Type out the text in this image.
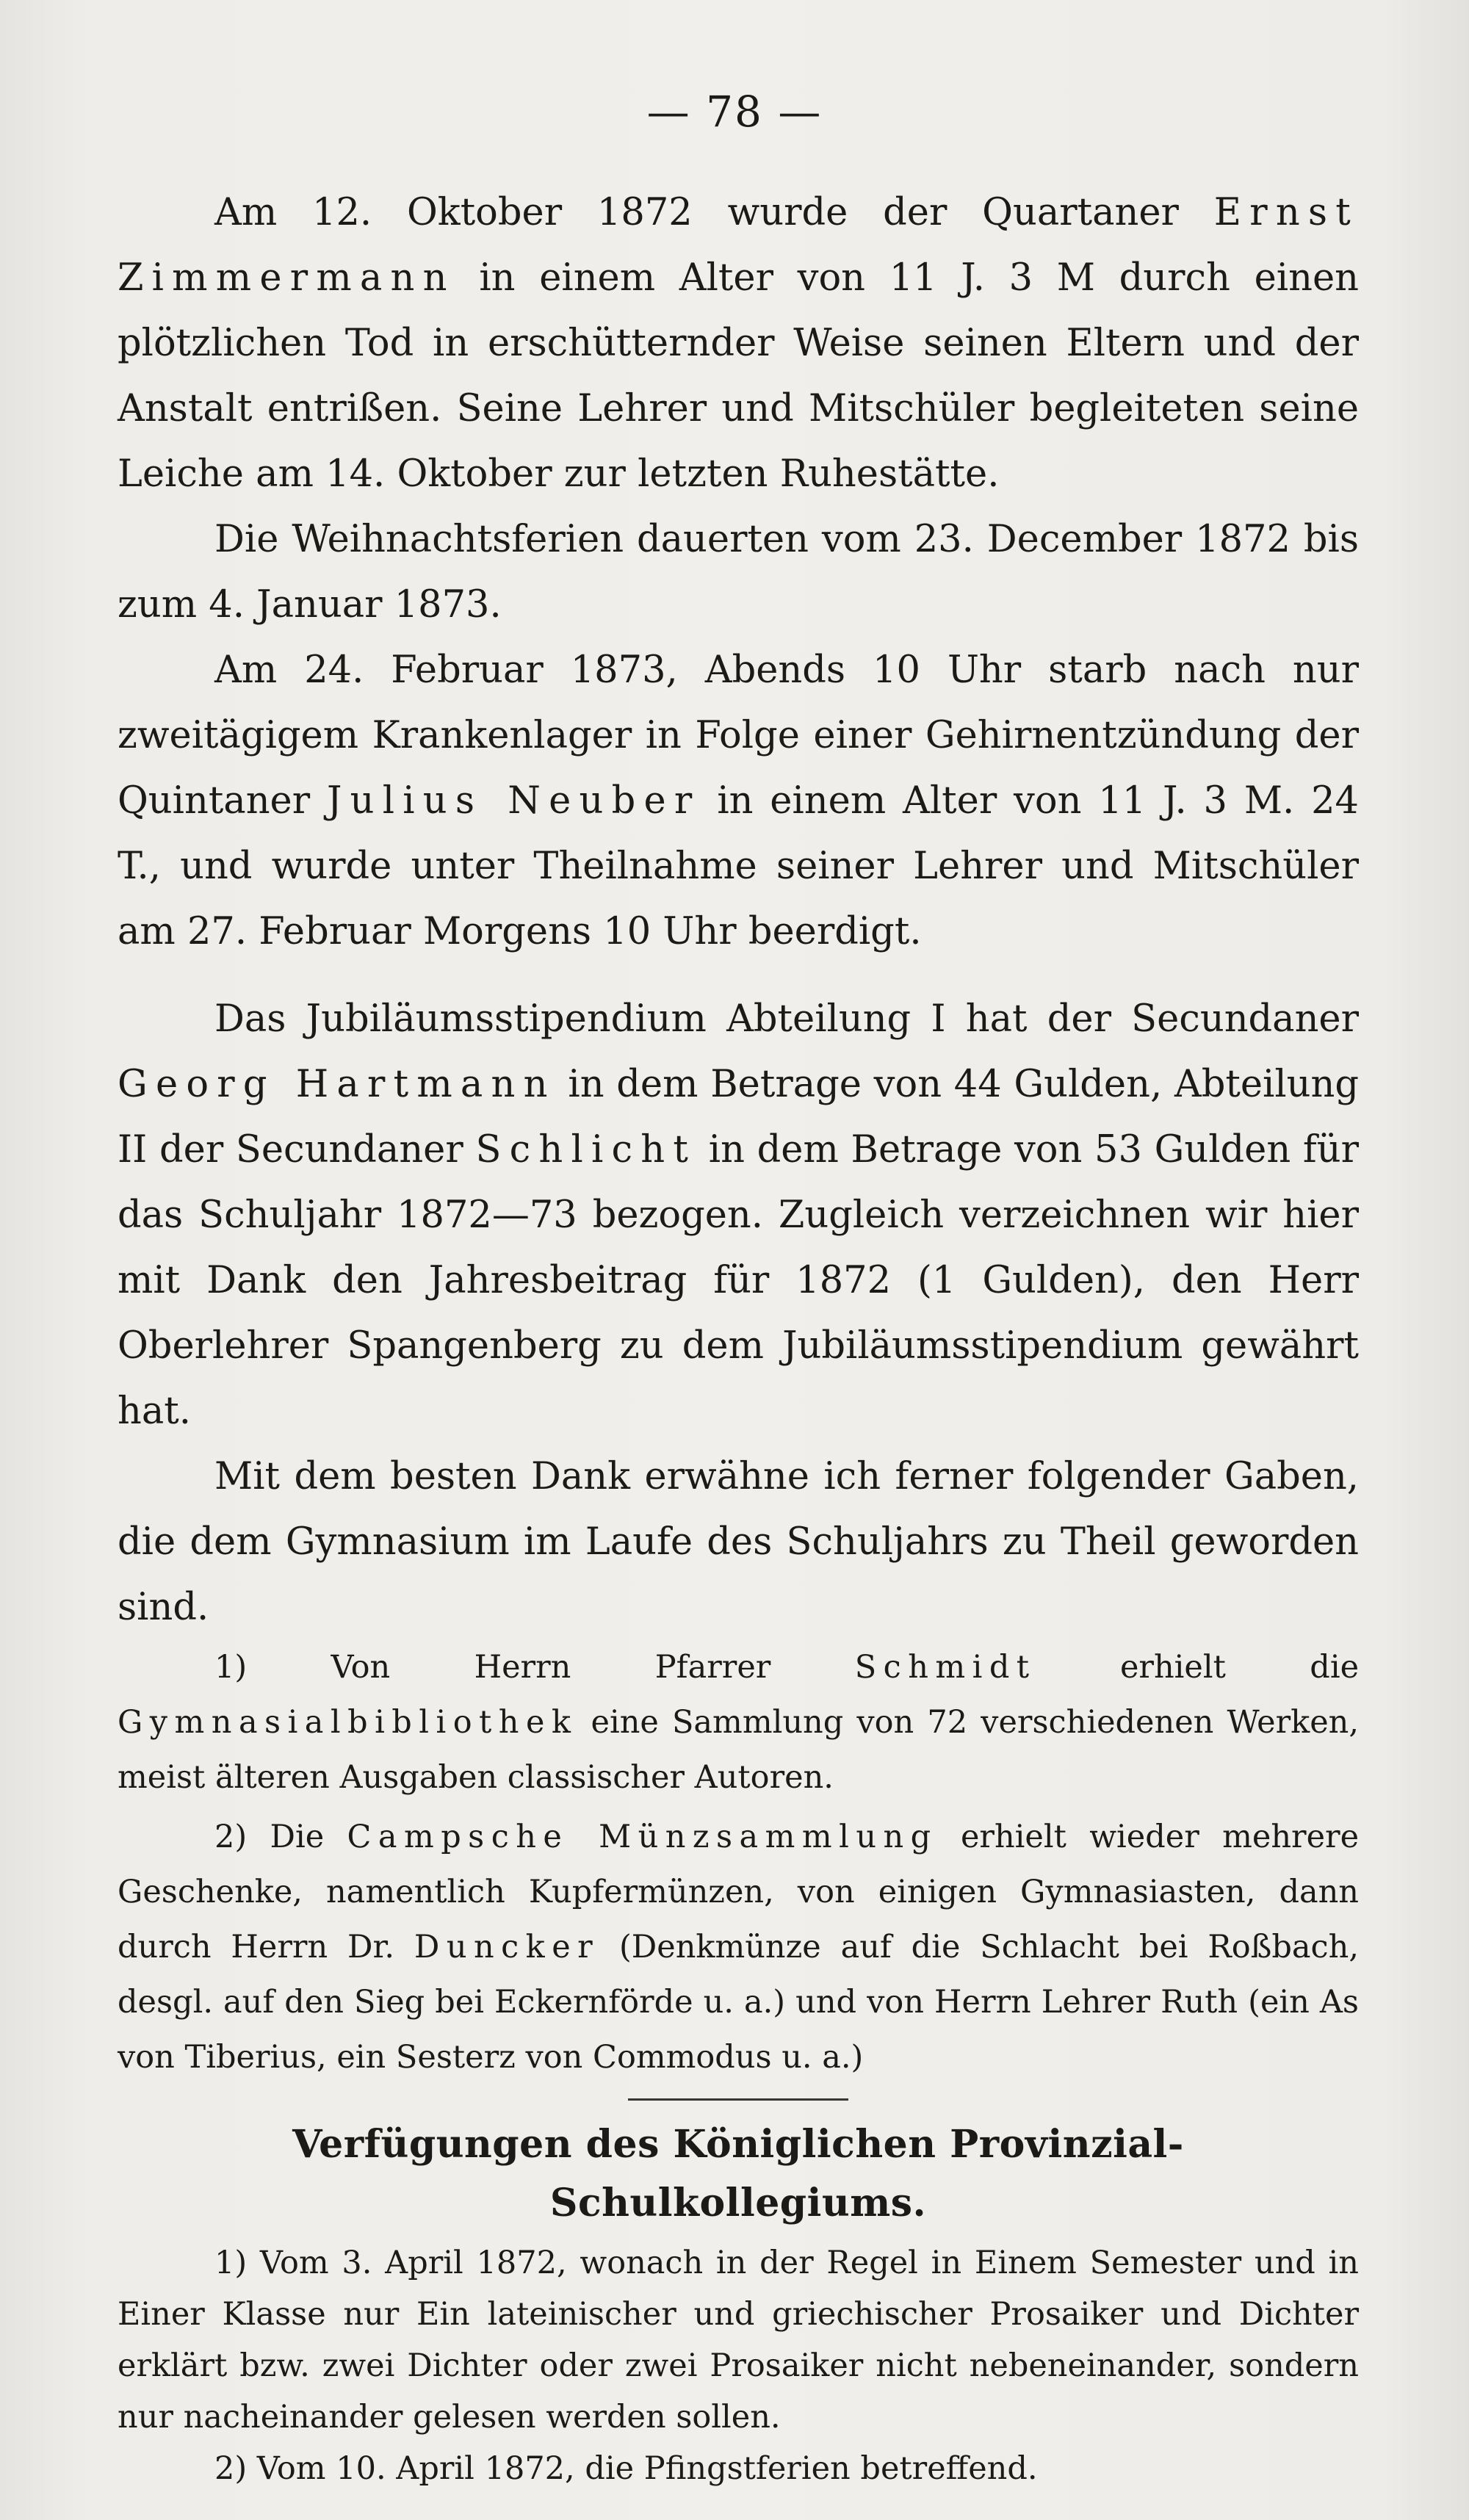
— 78 —

Am 12. Oktober 1872 wurde der Quartaner Ernst Zimmermann in einem Alter von 11 J. 3 M durch einen plötzlichen Tod in erschütternder Weise seinen Eltern und der Anstalt entrißen. Seine Lehrer und Mitschüler begleiteten seine Leiche am 14. Oktober zur letzten Ruhestätte.

Die Weihnachtsferien dauerten vom 23. December 1872 bis zum 4. Januar 1873.

Am 24. Februar 1873, Abends 10 Uhr starb nach nur zweitägigem Krankenlager in Folge einer Gehirnentzündung der Quintaner Julius Neuber in einem Alter von 11 J. 3 M. 24 T., und wurde unter Theilnahme seiner Lehrer und Mitschüler am 27. Februar Morgens 10 Uhr beerdigt.

Das Jubiläumsstipendium Abteilung I hat der Secundaner Georg Hartmann in dem Betrage von 44 Gulden, Abteilung II der Secundaner Schlicht in dem Betrage von 53 Gulden für das Schuljahr 1872—73 bezogen. Zugleich verzeichnen wir hier mit Dank den Jahresbeitrag für 1872 (1 Gulden), den Herr Oberlehrer Spangenberg zu dem Jubiläumsstipendium gewährt hat.

Mit dem besten Dank erwähne ich ferner folgender Gaben, die dem Gymnasium im Laufe des Schuljahrs zu Theil geworden sind.

1) Von Herrn Pfarrer	Schmidt	erhielt die Gymnasialbibliothek eine Sammlung von 72 verschiedenen Werken, meist älteren Ausgaben classischer Autoren.

2) Die Campsche Münzsammlung erhielt wieder mehrere Geschenke, namentlich Kupfermünzen, von einigen Gymnasiasten, dann durch Herrn Dr. Duncker (Denkmünze auf die Schlacht bei Roßbach, desgl. auf den Sieg bei Eckernförde u. a.) und von Herrn Lehrer Ruth (ein As von Tiberius, ein Sesterz von Commodus u. a.)

Verfügungen des Königlichen Provinzial-Schulkollegiums.

1) Vom 3. April 1872, wonach in der Regel in Einem Semester und in Einer Klasse nur Ein lateinischer und griechischer Prosaiker und Dichter erklärt bzw. zwei Dichter oder zwei Prosaiker nicht nebeneinander, sondern nur nacheinander gelesen werden sollen.

2) Vom 10. April 1872, die Pfingstferien betreffend.
